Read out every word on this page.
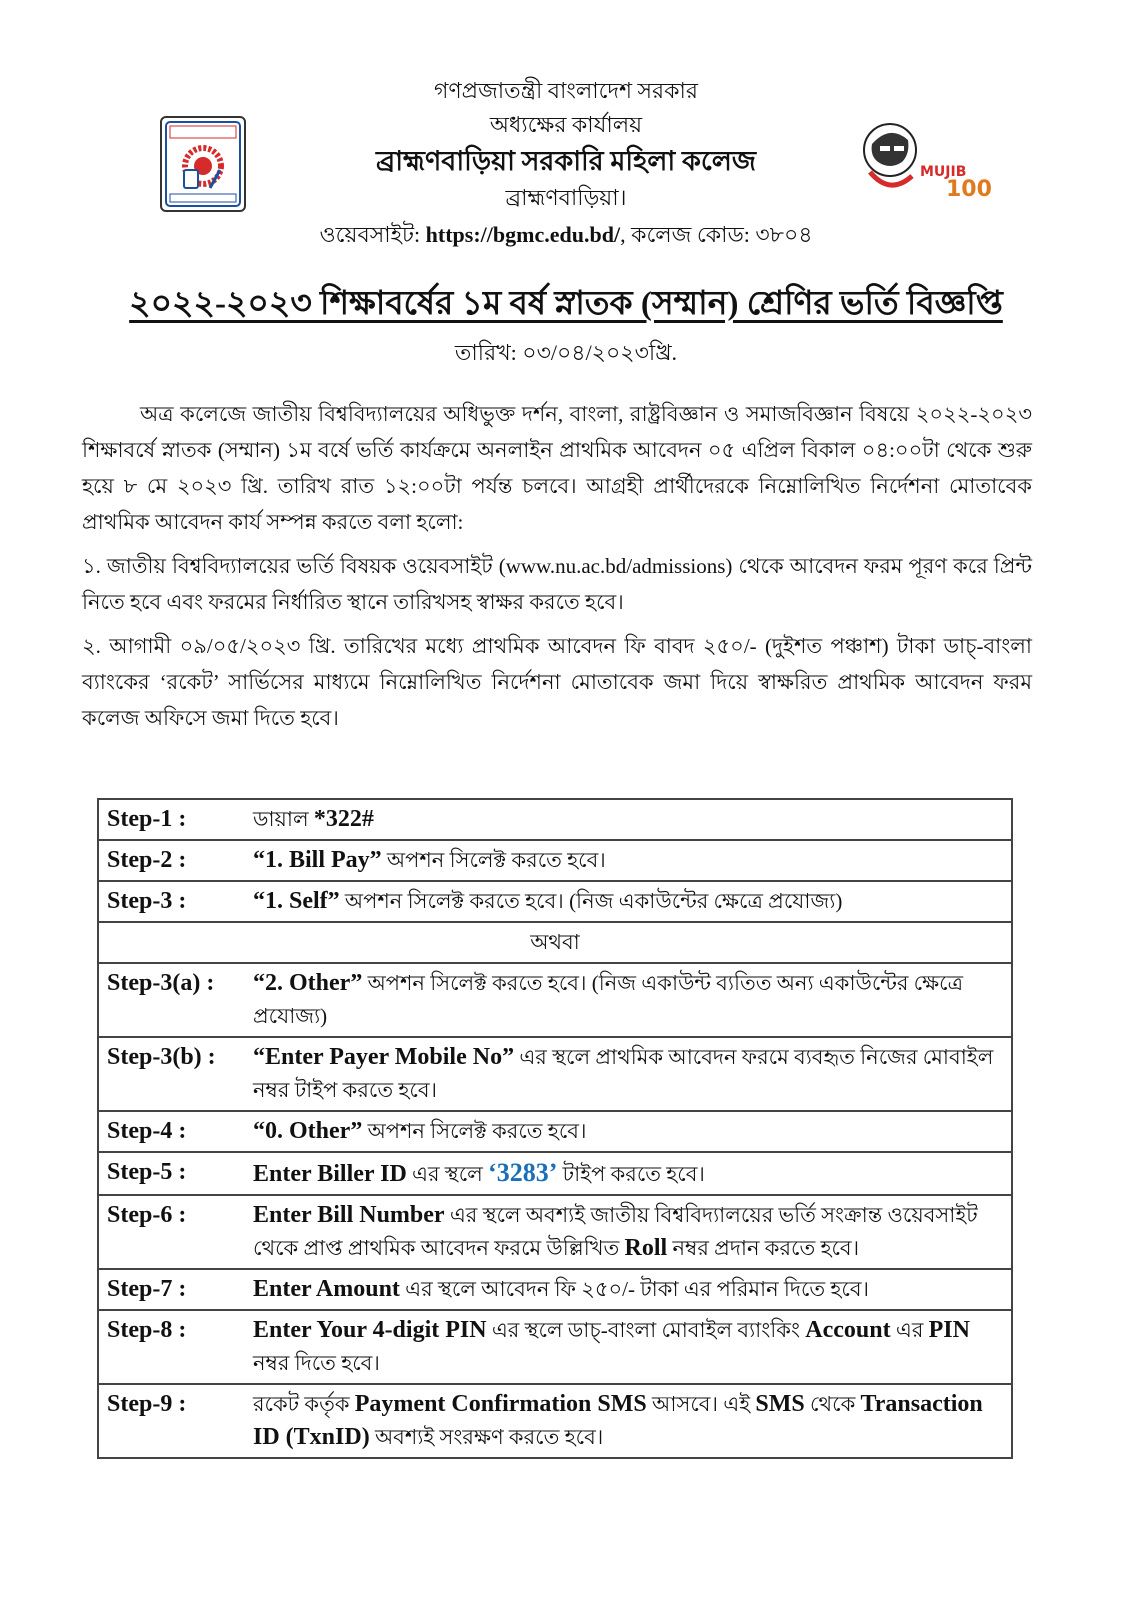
MUJIB
100
গণপ্রজাতন্ত্রী বাংলাদেশ সরকার
অধ্যক্ষের কার্যালয়
ব্রাহ্মণবাড়িয়া সরকারি মহিলা কলেজ
ব্রাহ্মণবাড়িয়া।
ওয়েবসাইট: https://bgmc.edu.bd/, কলেজ কোড: ৩৮০৪
২০২২-২০২৩ শিক্ষাবর্ষের ১ম বর্ষ স্নাতক (সম্মান) শ্রেণির ভর্তি বিজ্ঞপ্তি
তারিখ: ০৩/০৪/২০২৩খ্রি.

অত্র কলেজে জাতীয় বিশ্ববিদ্যালয়ের অধিভুক্ত দর্শন, বাংলা, রাষ্ট্রবিজ্ঞান ও সমাজবিজ্ঞান বিষয়ে ২০২২-২০২৩ শিক্ষাবর্ষে স্নাতক (সম্মান) ১ম বর্ষে ভর্তি কার্যক্রমে অনলাইন প্রাথমিক আবেদন ০৫ এপ্রিল বিকাল ০৪:০০টা থেকে শুরু হয়ে ৮ মে ২০২৩ খ্রি. তারিখ রাত ১২:০০টা পর্যন্ত চলবে। আগ্রহী প্রার্থীদেরকে নিম্নোলিখিত নির্দেশনা মোতাবেক প্রাথমিক আবেদন কার্য সম্পন্ন করতে বলা হলো:

১. জাতীয় বিশ্ববিদ্যালয়ের ভর্তি বিষয়ক ওয়েবসাইট (www.nu.ac.bd/admissions) থেকে আবেদন ফরম পূরণ করে প্রিন্ট নিতে হবে এবং ফরমের নির্ধারিত স্থানে তারিখসহ স্বাক্ষর করতে হবে।

২. আগামী ০৯/০৫/২০২৩ খ্রি. তারিখের মধ্যে প্রাথমিক আবেদন ফি বাবদ ২৫০/- (দুইশত পঞ্চাশ) টাকা ডাচ্-বাংলা ব্যাংকের ‘রকেট’ সার্ভিসের মাধ্যমে নিম্নোলিখিত নির্দেশনা মোতাবেক জমা দিয়ে স্বাক্ষরিত প্রাথমিক আবেদন ফরম কলেজ অফিসে জমা দিতে হবে।

Step-1 :	ডায়াল *322#
Step-2 :	“1. Bill Pay” অপশন সিলেক্ট করতে হবে।
Step-3 :	“1. Self” অপশন সিলেক্ট করতে হবে। (নিজ একাউন্টের ক্ষেত্রে প্রযোজ্য)
অথবা	
Step-3(a) :	“2. Other” অপশন সিলেক্ট করতে হবে। (নিজ একাউন্ট ব্যতিত অন্য একাউন্টের ক্ষেত্রে প্রযোজ্য)
Step-3(b) :	“Enter Payer Mobile No” এর স্থলে প্রাথমিক আবেদন ফরমে ব্যবহৃত নিজের মোবাইল নম্বর টাইপ করতে হবে।
Step-4 :	“0. Other” অপশন সিলেক্ট করতে হবে।
Step-5 :	Enter Biller ID এর স্থলে ‘3283’ টাইপ করতে হবে।
Step-6 :	Enter Bill Number এর স্থলে অবশ্যই জাতীয় বিশ্ববিদ্যালয়ের ভর্তি সংক্রান্ত ওয়েবসাইট থেকে প্রাপ্ত প্রাথমিক আবেদন ফরমে উল্লিখিত Roll নম্বর প্রদান করতে হবে।
Step-7 :	Enter Amount এর স্থলে আবেদন ফি ২৫০/- টাকা এর পরিমান দিতে হবে।
Step-8 :	Enter Your 4-digit PIN এর স্থলে ডাচ্-বাংলা মোবাইল ব্যাংকিং Account এর PIN নম্বর দিতে হবে।
Step-9 :	রকেট কর্তৃক Payment Confirmation SMS আসবে। এই SMS থেকে Transaction ID (TxnID) অবশ্যই সংরক্ষণ করতে হবে।
